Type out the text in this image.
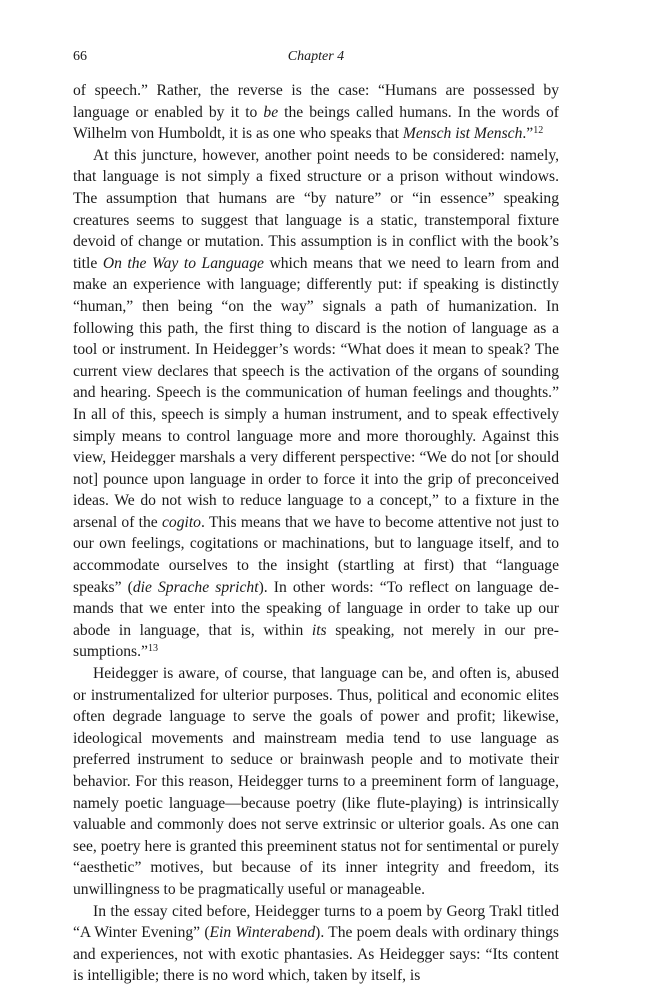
66	Chapter 4

of speech.” Rather, the reverse is the case: “Humans are possessed by language or enabled by it to be the beings called humans. In the words of Wilhelm von Humboldt, it is as one who speaks that Mensch ist Mensch.”$^{12}$

At this juncture, however, another point needs to be considered: namely, that language is not simply a fixed structure or a prison without windows. The assumption that humans are “by nature” or “in essence” speaking creatures seems to suggest that language is a static, transtemporal fixture devoid of change or mutation. This assumption is in conflict with the book’s title On the Way to Language which means that we need to learn from and make an experience with language; differently put: if speaking is distinctly “human,” then being “on the way” signals a path of humanization. In following this path, the first thing to discard is the notion of language as a tool or instrument. In Heidegger’s words: “What does it mean to speak? The current view declares that speech is the activation of the organs of sounding and hearing. Speech is the communication of human feelings and thoughts.” In all of this, speech is simply a human instrument, and to speak effectively simply means to control language more and more thoroughly. Against this view, Heidegger marshals a very different perspective: “We do not [or should not] pounce upon language in order to force it into the grip of preconceived ideas. We do not wish to reduce language to a concept,” to a fixture in the arsenal of the cogito. This means that we have to become attentive not just to our own feelings, cogitations or machinations, but to language itself, and to accommodate ourselves to the insight (startling at first) that “language speaks” (die Sprache spricht). In other words: “To reflect on language demands that we enter into the speaking of language in order to take up our abode in language, that is, within its speaking, not merely in our presumptions.”$^{13}$

Heidegger is aware, of course, that language can be, and often is, abused or instrumentalized for ulterior purposes. Thus, political and economic elites often degrade language to serve the goals of power and profit; likewise, ideological movements and mainstream media tend to use language as preferred instrument to seduce or brainwash people and to motivate their behavior. For this reason, Heidegger turns to a preeminent form of language, namely poetic language—because poetry (like flute-playing) is intrinsically valuable and commonly does not serve extrinsic or ulterior goals. As one can see, poetry here is granted this preeminent status not for sentimental or purely “aesthetic” motives, but because of its inner integrity and freedom, its unwillingness to be pragmatically useful or manageable.

In the essay cited before, Heidegger turns to a poem by Georg Trakl titled “A Winter Evening” (Ein Winterabend). The poem deals with ordinary things and experiences, not with exotic phantasies. As Heidegger says: “Its content is intelligible; there is no word which, taken by itself, is
